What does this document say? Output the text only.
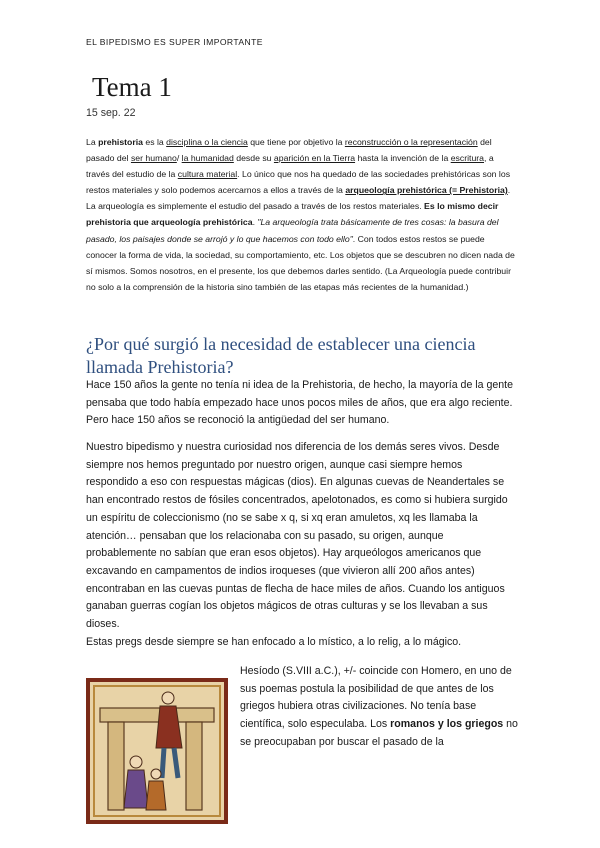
EL BIPEDISMO ES SUPER IMPORTANTE
Tema 1
15 sep. 22
La prehistoria es la disciplina o la ciencia que tiene por objetivo la reconstrucción o la representación del pasado del ser humano/ la humanidad desde su aparición en la Tierra hasta la invención de la escritura, a través del estudio de la cultura material. Lo único que nos ha quedado de las sociedades prehistóricas son los restos materiales y solo podemos acercarnos a ellos a través de la arqueología prehistórica (= Prehistoria). La arqueología es simplemente el estudio del pasado a través de los restos materiales. Es lo mismo decir prehistoria que arqueología prehistórica. "La arqueología trata básicamente de tres cosas: la basura del pasado, los paisajes donde se arrojó y lo que hacemos con todo ello". Con todos estos restos se puede conocer la forma de vida, la sociedad, su comportamiento, etc. Los objetos que se descubren no dicen nada de sí mismos. Somos nosotros, en el presente, los que debemos darles sentido. (La Arqueología puede contribuir no solo a la comprensión de la historia sino también de las etapas más recientes de la humanidad.)
¿Por qué surgió la necesidad de establecer una ciencia llamada Prehistoria?
Hace 150 años la gente no tenía ni idea de la Prehistoria, de hecho, la mayoría de la gente pensaba que todo había empezado hace unos pocos miles de años, que era algo reciente. Pero hace 150 años se reconoció la antigüedad del ser humano.
Nuestro bipedismo y nuestra curiosidad nos diferencia de los demás seres vivos. Desde siempre nos hemos preguntado por nuestro origen, aunque casi siempre hemos respondido a eso con respuestas mágicas (dios). En algunas cuevas de Neandertales se han encontrado restos de fósiles concentrados, apelotonados, es como si hubiera surgido un espíritu de coleccionismo (no se sabe x q, si xq eran amuletos, xq les llamaba la atención… pensaban que los relacionaba con su pasado, su origen, aunque probablemente no sabían que eran esos objetos). Hay arqueólogos americanos que excavando en campamentos de indios iroqueses (que vivieron allí 200 años antes) encontraban en las cuevas puntas de flecha de hace miles de años. Cuando los antiguos ganaban guerras cogían los objetos mágicos de otras culturas y se los llevaban a sus dioses.
Estas pregs desde siempre se han enfocado a lo místico, a lo relig, a lo mágico.
Hesíodo (S.VIII a.C.), +/- coincide con Homero, en uno de sus poemas postula la posibilidad de que antes de los griegos hubiera otras civilizaciones. No tenía base científica, solo especulaba. Los romanos y los griegos no se preocupaban por buscar el pasado de la
